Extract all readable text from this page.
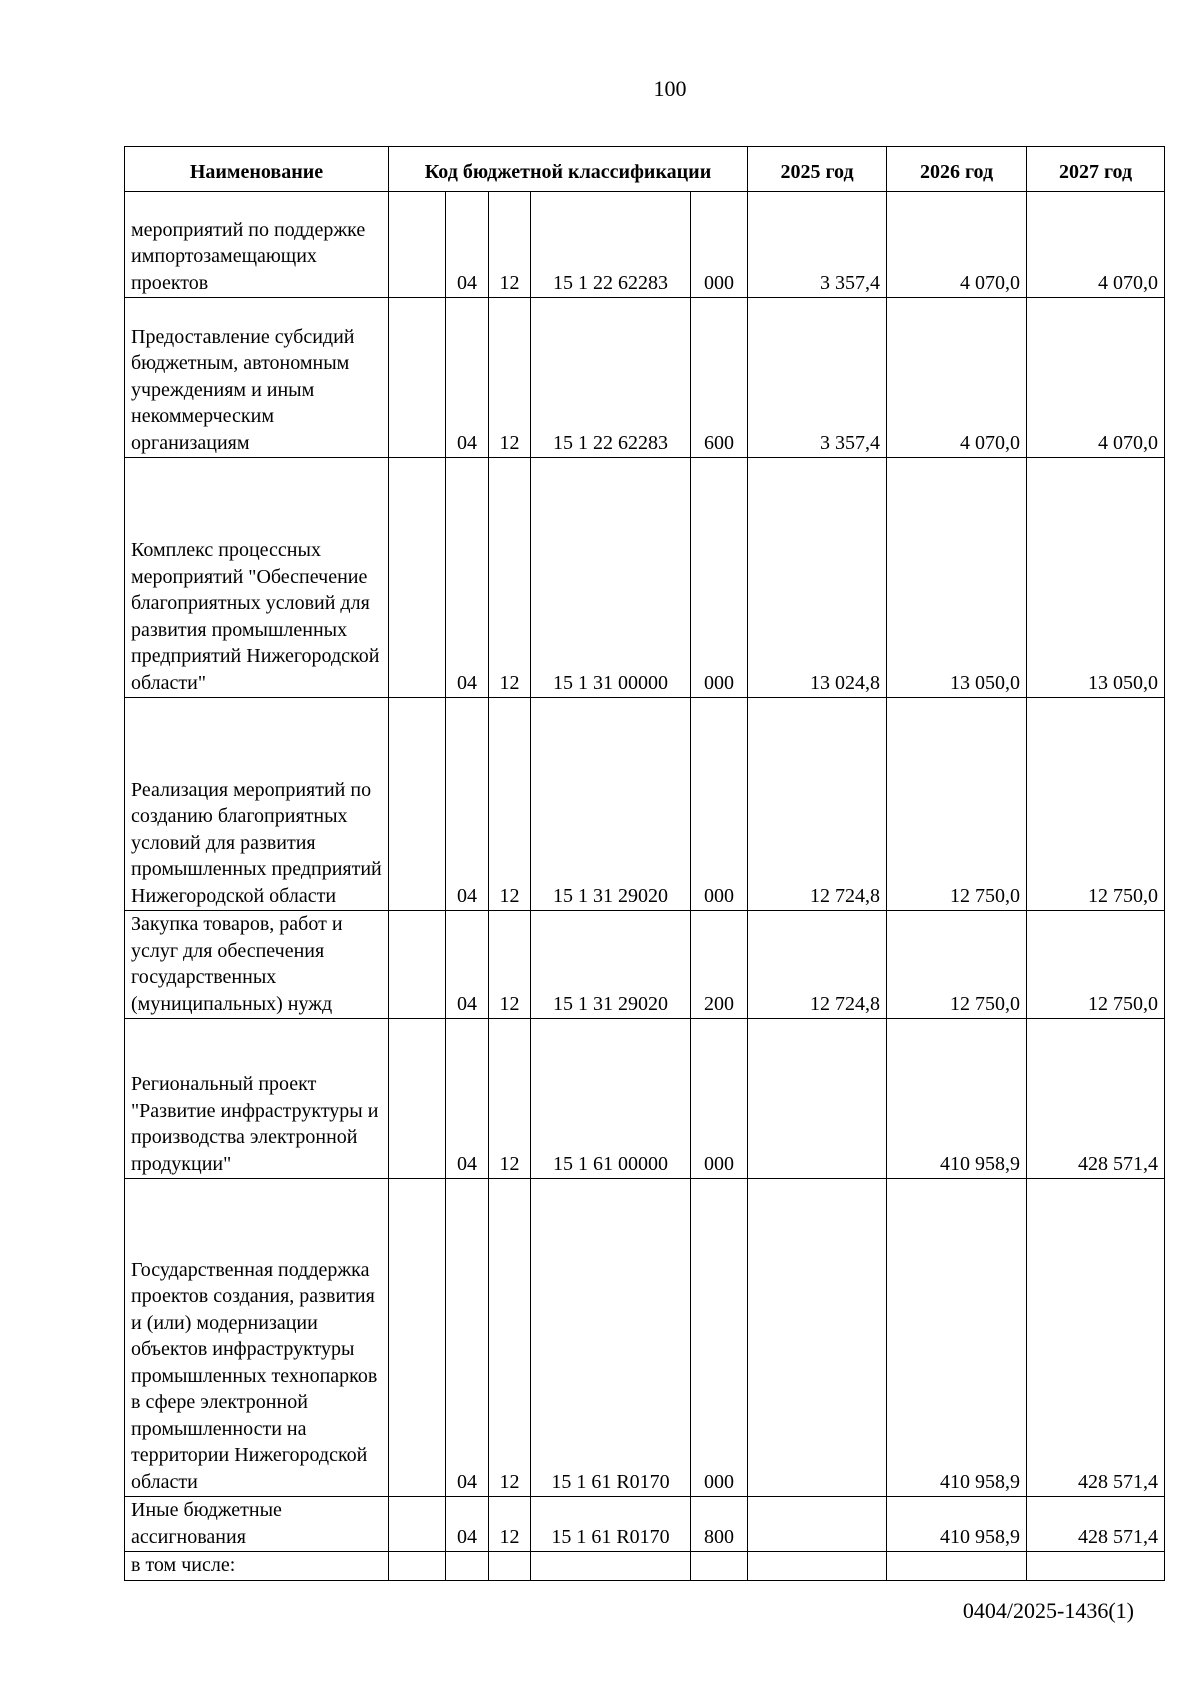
100
Наименование	Код бюджетной классификации					2025 год	2026 год	2027 год
мероприятий по поддержке импортозамещающих проектов		04	12	15 1 22 62283	000	3 357,4	4 070,0	4 070,0
Предоставление субсидий бюджетным, автономным учреждениям и иным некоммерческим организациям		04	12	15 1 22 62283	600	3 357,4	4 070,0	4 070,0
Комплекс процессных мероприятий "Обеспечение благоприятных условий для развития промышленных предприятий Нижегородской области"		04	12	15 1 31 00000	000	13 024,8	13 050,0	13 050,0
Реализация мероприятий по созданию благоприятных условий для развития промышленных предприятий Нижегородской области		04	12	15 1 31 29020	000	12 724,8	12 750,0	12 750,0
Закупка товаров, работ и услуг для обеспечения государственных (муниципальных) нужд		04	12	15 1 31 29020	200	12 724,8	12 750,0	12 750,0
Региональный проект "Развитие инфраструктуры и производства электронной продукции"		04	12	15 1 61 00000	000		410 958,9	428 571,4
Государственная поддержка проектов создания, развития и (или) модернизации объектов инфраструктуры промышленных технопарков в сфере электронной промышленности на территории Нижегородской области		04	12	15 1 61 R0170	000		410 958,9	428 571,4
Иные бюджетные ассигнования		04	12	15 1 61 R0170	800		410 958,9	428 571,4
в том числе:								
0404/2025-1436(1)
